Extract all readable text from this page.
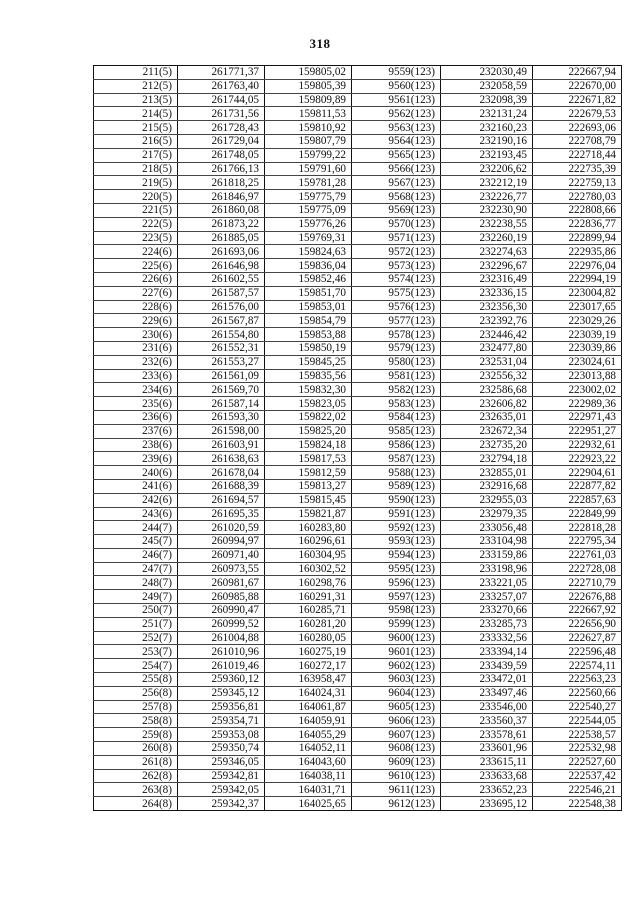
318
211(5)	261771,37	159805,02	9559(123)	232030,49	222667,94
212(5)	261763,40	159805,39	9560(123)	232058,59	222670,00
213(5)	261744,05	159809,89	9561(123)	232098,39	222671,82
214(5)	261731,56	159811,53	9562(123)	232131,24	222679,53
215(5)	261728,43	159810,92	9563(123)	232160,23	222693,06
216(5)	261729,04	159807,79	9564(123)	232190,16	222708,79
217(5)	261748,05	159799,22	9565(123)	232193,45	222718,44
218(5)	261766,13	159791,60	9566(123)	232206,62	222735,39
219(5)	261818,25	159781,28	9567(123)	232212,19	222759,13
220(5)	261846,97	159775,79	9568(123)	232226,77	222780,03
221(5)	261860,08	159775,09	9569(123)	232230,90	222808,66
222(5)	261873,22	159776,26	9570(123)	232238,55	222836,77
223(5)	261885,05	159769,31	9571(123)	232260,19	222899,94
224(6)	261693,06	159824,63	9572(123)	232274,63	222935,86
225(6)	261646,98	159836,04	9573(123)	232296,67	222976,04
226(6)	261602,55	159852,46	9574(123)	232316,49	222994,19
227(6)	261587,57	159851,70	9575(123)	232336,15	223004,82
228(6)	261576,00	159853,01	9576(123)	232356,30	223017,65
229(6)	261567,87	159854,79	9577(123)	232392,76	223029,26
230(6)	261554,80	159853,88	9578(123)	232446,42	223039,19
231(6)	261552,31	159850,19	9579(123)	232477,80	223039,86
232(6)	261553,27	159845,25	9580(123)	232531,04	223024,61
233(6)	261561,09	159835,56	9581(123)	232556,32	223013,88
234(6)	261569,70	159832,30	9582(123)	232586,68	223002,02
235(6)	261587,14	159823,05	9583(123)	232606,82	222989,36
236(6)	261593,30	159822,02	9584(123)	232635,01	222971,43
237(6)	261598,00	159825,20	9585(123)	232672,34	222951,27
238(6)	261603,91	159824,18	9586(123)	232735,20	222932,61
239(6)	261638,63	159817,53	9587(123)	232794,18	222923,22
240(6)	261678,04	159812,59	9588(123)	232855,01	222904,61
241(6)	261688,39	159813,27	9589(123)	232916,68	222877,82
242(6)	261694,57	159815,45	9590(123)	232955,03	222857,63
243(6)	261695,35	159821,87	9591(123)	232979,35	222849,99
244(7)	261020,59	160283,80	9592(123)	233056,48	222818,28
245(7)	260994,97	160296,61	9593(123)	233104,98	222795,34
246(7)	260971,40	160304,95	9594(123)	233159,86	222761,03
247(7)	260973,55	160302,52	9595(123)	233198,96	222728,08
248(7)	260981,67	160298,76	9596(123)	233221,05	222710,79
249(7)	260985,88	160291,31	9597(123)	233257,07	222676,88
250(7)	260990,47	160285,71	9598(123)	233270,66	222667,92
251(7)	260999,52	160281,20	9599(123)	233285,73	222656,90
252(7)	261004,88	160280,05	9600(123)	233332,56	222627,87
253(7)	261010,96	160275,19	9601(123)	233394,14	222596,48
254(7)	261019,46	160272,17	9602(123)	233439,59	222574,11
255(8)	259360,12	163958,47	9603(123)	233472,01	222563,23
256(8)	259345,12	164024,31	9604(123)	233497,46	222560,66
257(8)	259356,81	164061,87	9605(123)	233546,00	222540,27
258(8)	259354,71	164059,91	9606(123)	233560,37	222544,05
259(8)	259353,08	164055,29	9607(123)	233578,61	222538,57
260(8)	259350,74	164052,11	9608(123)	233601,96	222532,98
261(8)	259346,05	164043,60	9609(123)	233615,11	222527,60
262(8)	259342,81	164038,11	9610(123)	233633,68	222537,42
263(8)	259342,05	164031,71	9611(123)	233652,23	222546,21
264(8)	259342,37	164025,65	9612(123)	233695,12	222548,38
